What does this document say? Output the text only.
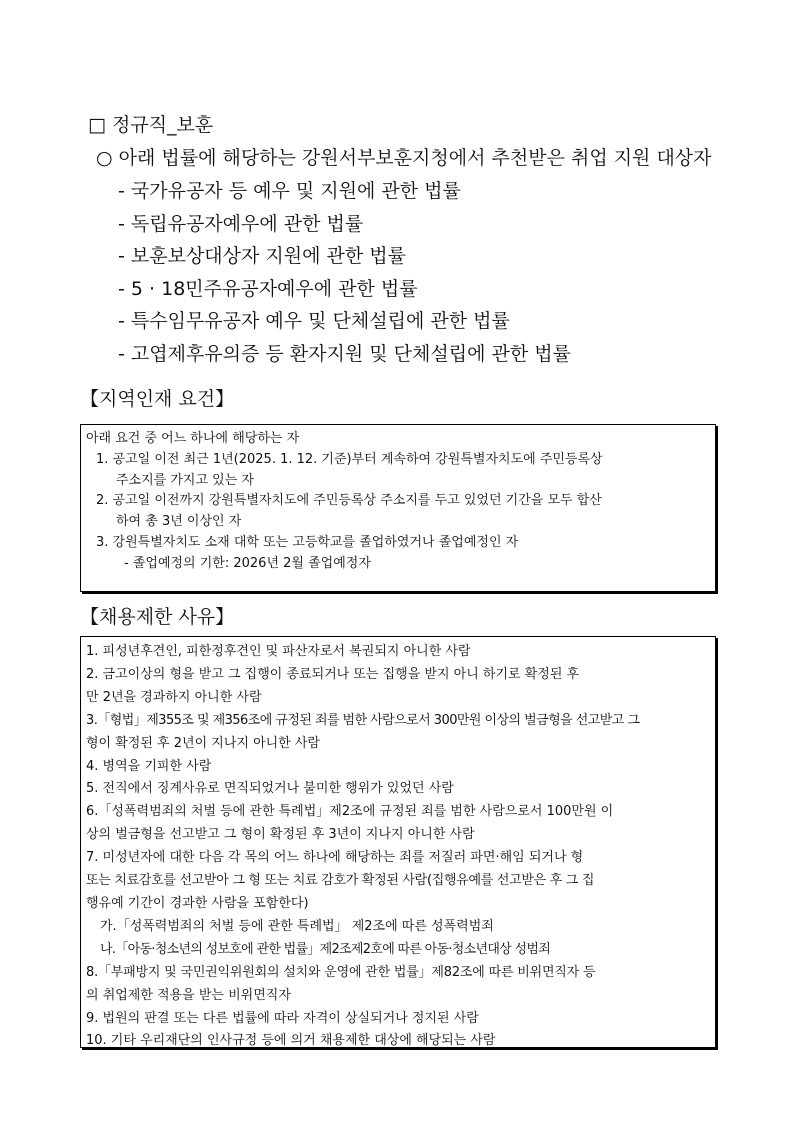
□ 정규직_보훈
○ 아래 법률에 해당하는 강원서부보훈지청에서 추천받은 취업 지원 대상자
- 국가유공자 등 예우 및 지원에 관한 법률
- 독립유공자예우에 관한 법률
- 보훈보상대상자 지원에 관한 법률
- 5 · 18민주유공자예우에 관한 법률
- 특수임무유공자 예우 및 단체설립에 관한 법률
- 고엽제후유의증 등 환자지원 및 단체설립에 관한 법률
【지역인재 요건】
아래 요건 중 어느 하나에 해당하는 자
1. 공고일 이전 최근 1년(2025. 1. 12. 기준)부터 계속하여 강원특별자치도에 주민등록상
주소지를 가지고 있는 자
2. 공고일 이전까지 강원특별자치도에 주민등록상 주소지를 두고 있었던 기간을 모두 합산
하여 총 3년 이상인 자
3. 강원특별자치도 소재 대학 또는 고등학교를 졸업하였거나 졸업예정인 자
- 졸업예정의 기한: 2026년 2월 졸업예정자
【채용제한 사유】
1. 피성년후견인, 피한정후견인 및 파산자로서 복권되지 아니한 사람
2. 금고이상의 형을 받고 그 집행이 종료되거나 또는 집행을 받지 아니 하기로 확정된 후
만 2년을 경과하지 아니한 사람
3.「형법」제355조 및 제356조에 규정된 죄를 범한 사람으로서 300만원 이상의 벌금형을 선고받고 그
형이 확정된 후 2년이 지나지 아니한 사람
4. 병역을 기피한 사람
5. 전직에서 징계사유로 면직되었거나 불미한 행위가 있었던 사람
6.「성폭력범죄의 처벌 등에 관한 특례법」제2조에 규정된 죄를 범한 사람으로서 100만원 이
상의 벌금형을 선고받고 그 형이 확정된 후 3년이 지나지 아니한 사람
7. 미성년자에 대한 다음 각 목의 어느 하나에 해당하는 죄를 저질러 파면·해임 되거나 형
또는 치료감호를 선고받아 그 형 또는 치료 감호가 확정된 사람(집행유예를 선고받은 후 그 집
행유예 기간이 경과한 사람을 포함한다)
가.「성폭력범죄의 처벌 등에 관한 특례법」 제2조에 따른 성폭력범죄
나.「아동·청소년의 성보호에 관한 법률」제2조제2호에 따른 아동·청소년대상 성범죄
8.「부패방지 및 국민권익위원회의 설치와 운영에 관한 법률」제82조에 따른 비위면직자 등
의 취업제한 적용을 받는 비위면직자
9. 법원의 판결 또는 다른 법률에 따라 자격이 상실되거나 정지된 사람
10. 기타 우리재단의 인사규정 등에 의거 채용제한 대상에 해당되는 사람
